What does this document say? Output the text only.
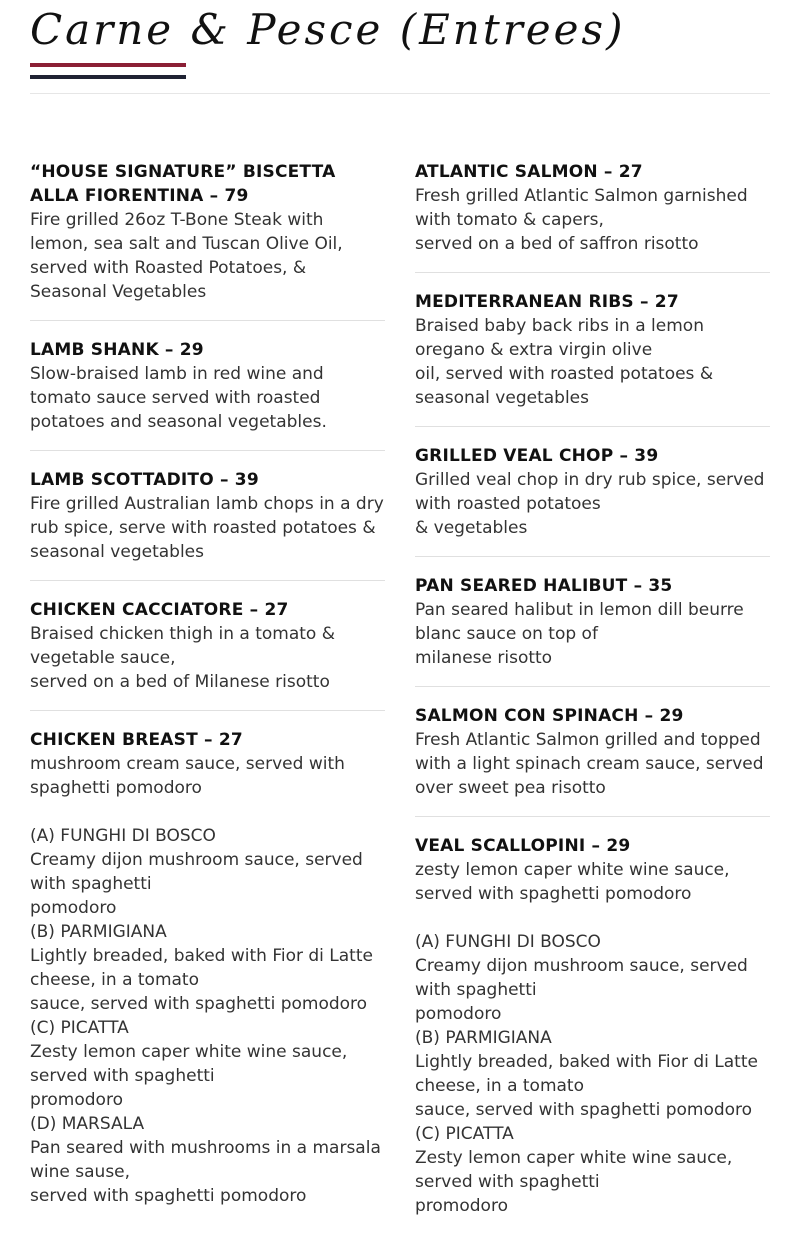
Carne & Pesce (Entrees)
“HOUSE SIGNATURE” BISCETTA ALLA FIORENTINA – 79
Fire grilled 26oz T-Bone Steak with lemon, sea salt and Tuscan Olive Oil, served with Roasted Potatoes, & Seasonal Vegetables
LAMB SHANK – 29
Slow-braised lamb in red wine and tomato sauce served with roasted potatoes and seasonal vegetables.
LAMB SCOTTADITO – 39
Fire grilled Australian lamb chops in a dry rub spice, serve with roasted potatoes & seasonal vegetables
CHICKEN CACCIATORE – 27
Braised chicken thigh in a tomato & vegetable sauce,
served on a bed of Milanese risotto
CHICKEN BREAST – 27
mushroom cream sauce, served with spaghetti pomodoro

(A) FUNGHI DI BOSCO
Creamy dijon mushroom sauce, served with spaghetti
pomodoro
(B) PARMIGIANA
Lightly breaded, baked with Fior di Latte cheese, in a tomato
sauce, served with spaghetti pomodoro
(C) PICATTA
Zesty lemon caper white wine sauce, served with spaghetti
promodoro
(D) MARSALA
Pan seared with mushrooms in a marsala wine sause,
served with spaghetti pomodoro
ATLANTIC SALMON – 27
Fresh grilled Atlantic Salmon garnished with tomato & capers,
served on a bed of saffron risotto
MEDITERRANEAN RIBS – 27
Braised baby back ribs in a lemon oregano & extra virgin olive
oil, served with roasted potatoes & seasonal vegetables
GRILLED VEAL CHOP – 39
Grilled veal chop in dry rub spice, served with roasted potatoes
& vegetables
PAN SEARED HALIBUT – 35
Pan seared halibut in lemon dill beurre blanc sauce on top of
milanese risotto
SALMON CON SPINACH – 29
Fresh Atlantic Salmon grilled and topped with a light spinach cream sauce, served over sweet pea risotto
VEAL SCALLOPINI – 29
zesty lemon caper white wine sauce, served with spaghetti pomodoro

(A) FUNGHI DI BOSCO
Creamy dijon mushroom sauce, served with spaghetti
pomodoro
(B) PARMIGIANA
Lightly breaded, baked with Fior di Latte cheese, in a tomato
sauce, served with spaghetti pomodoro
(C) PICATTA
Zesty lemon caper white wine sauce, served with spaghetti
promodoro
